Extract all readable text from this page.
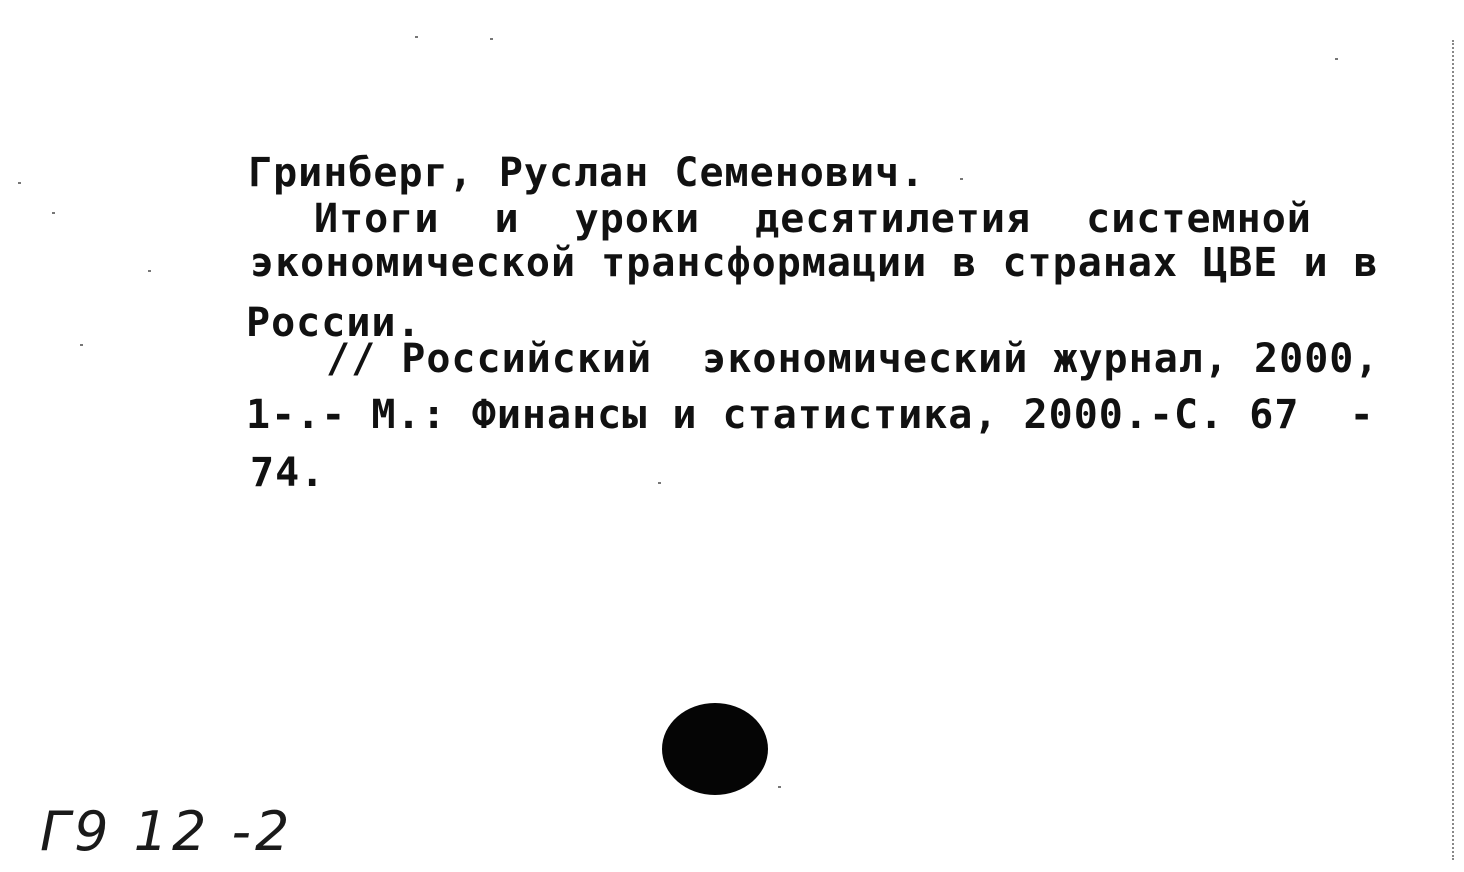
Гринберг, Руслан Семенович.
Итоги и уроки десятилетия системной
экономической трансформации в странах ЦВЕ и в
России.
// Российский  экономический журнал, 2000,
1-.- М.: Финансы и статистика, 2000.-С. 67  -
74.
Г9 12 -2
